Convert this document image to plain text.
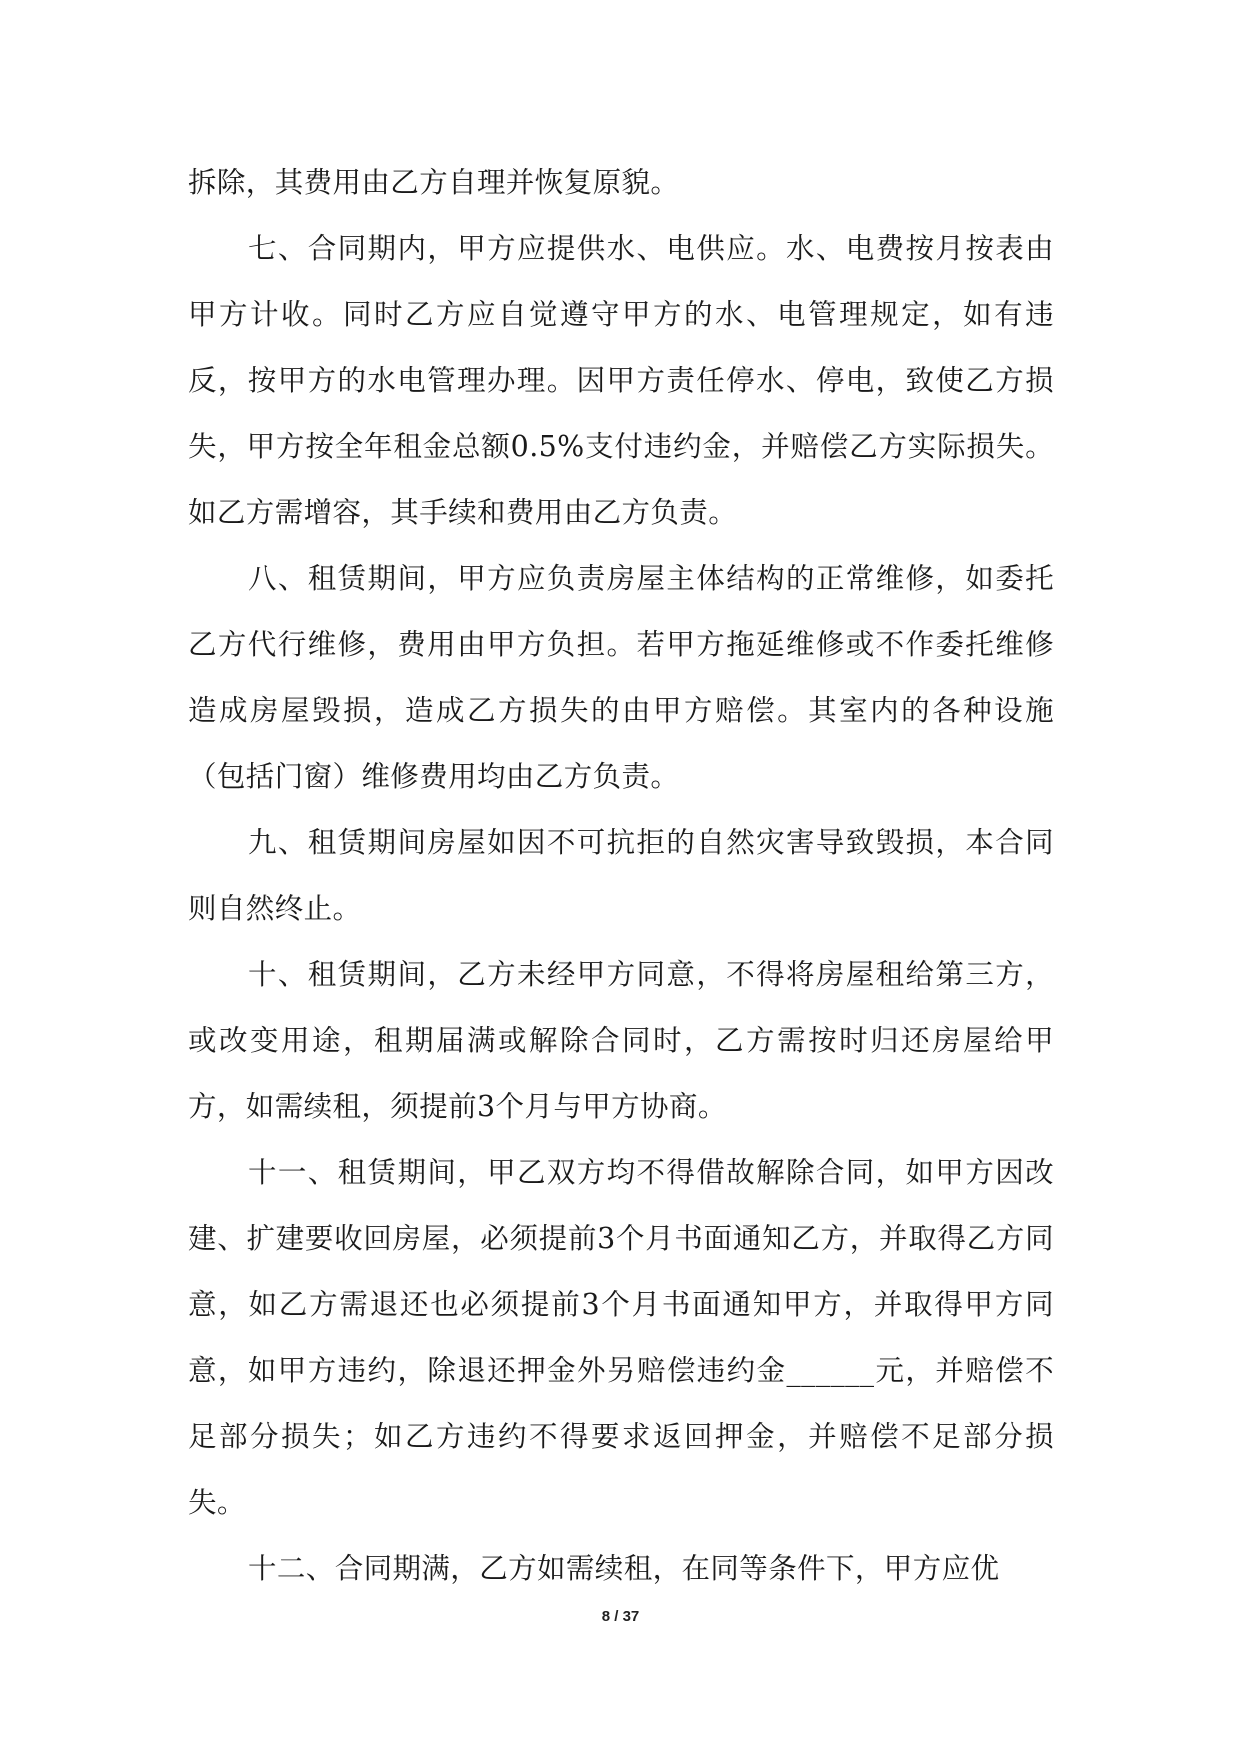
拆除，其费用由乙方自理并恢复原貌。

七、合同期内，甲方应提供水、电供应。水、电费按月按表由甲方计收。同时乙方应自觉遵守甲方的水、电管理规定，如有违反，按甲方的水电管理办理。因甲方责任停水、停电，致使乙方损失，甲方按全年租金总额0.5%支付违约金，并赔偿乙方实际损失。如乙方需增容，其手续和费用由乙方负责。

八、租赁期间，甲方应负责房屋主体结构的正常维修，如委托乙方代行维修，费用由甲方负担。若甲方拖延维修或不作委托维修造成房屋毁损，造成乙方损失的由甲方赔偿。其室内的各种设施（包括门窗）维修费用均由乙方负责。

九、租赁期间房屋如因不可抗拒的自然灾害导致毁损，本合同则自然终止。

十、租赁期间，乙方未经甲方同意，不得将房屋租给第三方，或改变用途，租期届满或解除合同时，乙方需按时归还房屋给甲方，如需续租，须提前3个月与甲方协商。

十一、租赁期间，甲乙双方均不得借故解除合同，如甲方因改建、扩建要收回房屋，必须提前3个月书面通知乙方，并取得乙方同意，如乙方需退还也必须提前3个月书面通知甲方，并取得甲方同意，如甲方违约，除退还押金外另赔偿违约金______元，并赔偿不足部分损失；如乙方违约不得要求返回押金，并赔偿不足部分损失。

十二、合同期满，乙方如需续租，在同等条件下，甲方应优

8 / 37
